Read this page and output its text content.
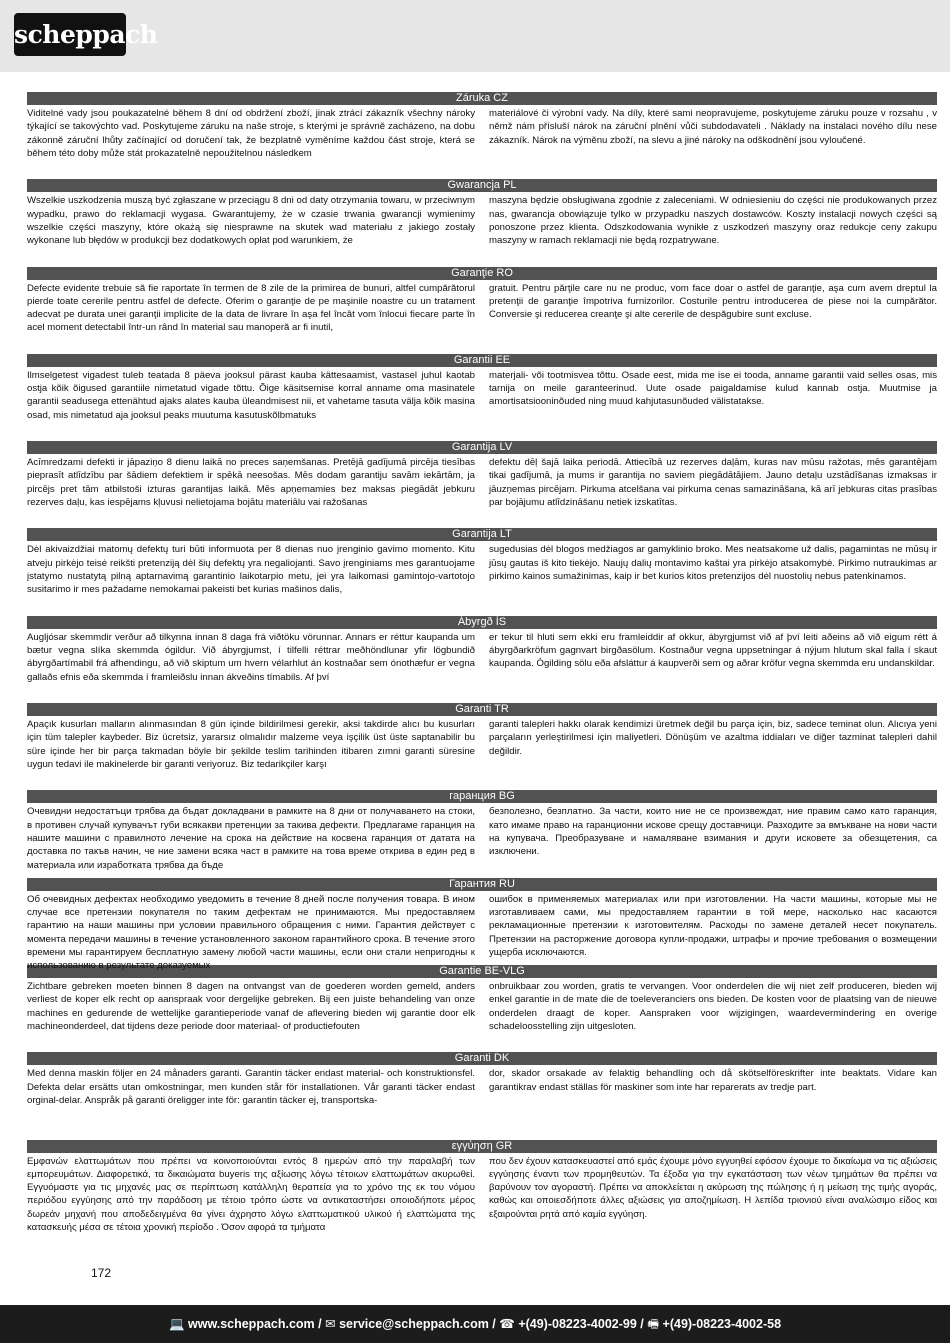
scheppach
Záruka CZ
Viditelné vady jsou poukazatelné během 8 dní od obdržení zboží, jinak ztrácí zákazník všechny nároky týkající se takovýchto vad. Poskytujeme záruku na naše stroje, s kterými je správně zacházeno, na dobu zákonně záruční lhůty začínající od doručení tak, že bezplatně vyměníme každou část stroje, která se během této doby může stát prokazatelně nepoužitelnou následkem
materiálové či výrobní vady. Na díly, které sami neopravujeme, poskytujeme záruku pouze v rozsahu , v němž nám přísluší nárok na záruční plnění vůči subdodavateli . Náklady na instalaci nového dílu nese zákazník. Nárok na výměnu zboží, na slevu a jiné nároky na odškodnění jsou vyloučené.
Gwarancja PL
Wszelkie uszkodzenia muszą być zgłaszane w przeciągu 8 dni od daty otrzymania towaru, w przeciwnym wypadku, prawo do reklamacji wygasa. Gwarantujemy, że w czasie trwania gwarancji wymienimy wszelkie części maszyny, które okażą się niesprawne na skutek wad materiału z jakiego zostały wykonane lub błędów w produkcji bez dodatkowych opłat pod warunkiem, że
maszyna będzie obsługiwana zgodnie z zaleceniami. W odniesieniu do części nie produkowanych przez nas, gwarancja obowiązuje tylko w przypadku naszych dostawców. Koszty instalacji nowych części są ponoszone przez klienta. Odszkodowania wynikłe z uszkodzeń maszyny oraz redukcje ceny zakupu maszyny w ramach reklamacji nie będą rozpatrywane.
Garanţie RO
Defecte evidente trebuie să fie raportate în termen de 8 zile de la primirea de bunuri, altfel cumpărătorul pierde toate cererile pentru astfel de defecte. Oferim o garanţie de pe maşinile noastre cu un tratament adecvat pe durata unei garanţii implicite de la data de livrare în aşa fel încât vom înlocui fiecare parte în acel moment detectabil într-un rând în material sau manoperă ar fi inutil,
gratuit. Pentru părţile care nu ne produc, vom face doar o astfel de garanţie, aşa cum avem dreptul la pretenţii de garanţie împotriva furnizorilor. Costurile pentru introducerea de piese noi la cumpărător. Conversie şi reducerea creanţe şi alte cererile de despăgubire sunt excluse.
Garantii EE
Ilmselgetest vigadest tuleb teatada 8 päeva jooksul pärast kauba kättesaamist, vastasel juhul kaotab ostja kõik õigused garantiile nimetatud vigade tõttu. Õige käsitsemise korral anname oma masinatele garantii seadusega ettenähtud ajaks alates kauba üleandmisest nii, et vahetame tasuta välja kõik masina osad, mis nimetatud aja jooksul peaks muutuma kasutuskõlbmatuks
materjali- või tootmisvea tõttu. Osade eest, mida me ise ei tooda, anname garantii vaid selles osas, mis tarnija on meile garanteerinud. Uute osade paigaldamise kulud kannab ostja. Muutmise ja amortisatsiooninõuded ning muud kahjutasunõuded välistatakse.
Garantija LV
Acīmredzami defekti ir jāpaziņo 8 dienu laikā no preces saņemšanas. Pretējā gadījumā pircēja tiesības pieprasīt atlīdzību par šādiem defektiem ir spēkā neesošas. Mēs dodam garantiju savām iekārtām, ja pircējs pret tām atbilstoši izturas garantijas laikā. Mēs apņemamies bez maksas piegādāt jebkuru rezerves daļu, kas iespējams kļuvusi nelietojama bojātu materiālu vai ražošanas
defektu dēļ šajā laika periodā. Attiecībā uz rezerves daļām, kuras nav mūsu ražotas, mēs garantējam tikai gadījumā, ja mums ir garantija no saviem piegādātājiem. Jauno detaļu uzstādīšanas izmaksas ir jāuzņemas pircējam. Pirkuma atcelšana vai pirkuma cenas samazināšana, kā arī jebkuras citas prasības par bojājumu atlīdzināšanu netiek izskatītas.
Garantija LT
Dėl akivaizdžiai matomų defektų turi būti informuota per 8 dienas nuo įrenginio gavimo momento. Kitu atveju pirkėjo teisė reikšti pretenziją dėl šių defektų yra negaliojanti. Savo įrenginiams mes garantuojame įstatymo nustatytą pilną aptarnavimą garantinio laikotarpio metu, jei yra laikomasi gamintojo-vartotojo susitarimo ir mes pažadame nemokamai pakeisti bet kurias mašinos dalis,
sugedusias dėl blogos medžiagos ar gamyklinio broko. Mes neatsakome už dalis, pagamintas ne mūsų ir jūsų gautas iš kito tiekėjo. Naujų dalių montavimo kaštai yra pirkėjo atsakomybė. Pirkimo nutraukimas ar pirkimo kainos sumažinimas, kaip ir bet kurios kitos pretenzijos dėl nuostolių nebus patenkinamos.
Ábyrgð ÍS
Augljósar skemmdir verður að tilkynna innan 8 daga frá viðtöku vörunnar. Annars er réttur kaupanda um bætur vegna slíka skemmda ógildur. Við ábyrgjumst, í tilfelli réttrar meðhöndlunar yfir lögbundið ábyrgðartímabil frá afhendingu, að við skiptum um hvern vélarhlut án kostnaðar sem ónothæfur er vegna gallaðs efnis eða skemmda í framleiðslu innan ákveðins tímabils. Af því
er tekur til hluti sem ekki eru framleiddir af okkur, ábyrgjumst við af því leiti aðeins að við eigum rétt á ábyrgðarkröfum gagnvart birgðasölum. Kostnaður vegna uppsetningar á nýjum hlutum skal falla í skaut kaupanda. Ógilding sölu eða afsláttur á kaupverði sem og aðrar kröfur vegna skemmda eru undanskildar.
Garanti TR
Apaçık kusurları malların alınmasından 8 gün içinde bildirilmesi gerekir, aksi takdirde alıcı bu kusurları için tüm talepler kaybeder. Biz ücretsiz, yararsız olmalıdır malzeme veya işçilik üst üste saptanabilir bu süre içinde her bir parça takmadan böyle bir şekilde teslim tarihinden itibaren zımni garanti süresine uygun tedavi ile makinelerde bir garanti veriyoruz. Biz tedarikçiler karşı
garanti talepleri hakkı olarak kendimizi üretmek değil bu parça için, biz, sadece teminat olun. Alıcıya yeni parçaların yerleştirilmesi için maliyetleri. Dönüşüm ve azaltma iddiaları ve diğer tazminat talepleri dahil değildir.
гаранция BG
Очевидни недостатъци трябва да бъдат докладвани в рамките на 8 дни от получаването на стоки, в противен случай купувачът губи всякакви претенции за такива дефекти. Предлагаме гаранция на нашите машини с правилното лечение на срока на действие на косвена гаранция от датата на доставка по такъв начин, че ние замени всяка част в рамките на това време открива в един ред в материала или изработката трябва да бъде
безполезно, безплатно. За части, които ние не се произвеждат, ние правим само като гаранция, като имаме право на гаранционни искове срещу доставчици. Разходите за вмъкване на нови части на купувача. Преобразуване и намаляване взимания и други исковете за обезщетения, са изключени.
Гарантия RU
Об очевидных дефектах необходимо уведомить в течение 8 дней после получения товара. В ином случае все претензии покупателя по таким дефектам не принимаются. Мы предоставляем гарантию на наши машины при условии правильного обращения с ними. Гарантия действует с момента передачи машины в течение установленного законом гарантийного срока. В течение этого времени мы гарантируем бесплатную замену любой части машины, если они стали непригодны к использованию в результате доказуемых
ошибок в применяемых материалах или при изготовлении. На части машины, которые мы не изготавливаем сами, мы предоставляем гарантии в той мере, насколько нас касаются рекламационные претензии к изготовителям. Расходы по замене деталей несет покупатель. Претензии на расторжение договора купли-продажи, штрафы и прочие требования о возмещении ущерба исключаются.
Garantie BE-VLG
Zichtbare gebreken moeten binnen 8 dagen na ontvangst van de goederen worden gemeld, anders verliest de koper elk recht op aanspraak voor dergelijke gebreken. Bij een juiste behandeling van onze machines en gedurende de wettelijke garantieperiode vanaf de aflevering bieden wij garantie door elk machineonderdeel, dat tijdens deze periode door materiaal- of productiefouten
onbruikbaar zou worden, gratis te vervangen. Voor onderdelen die wij niet zelf produceren, bieden wij enkel garantie in de mate die de toeleveranciers ons bieden. De kosten voor de plaatsing van de nieuwe onderdelen draagt de koper. Aanspraken voor wijzigingen, waardevermindering en overige schadeloosstelling zijn uitgesloten.
Garanti DK
Med denna maskin följer en 24 månaders garanti. Garantin täcker endast material- och konstruktionsfel. Defekta delar ersätts utan omkostningar, men kunden står för installationen. Vår garanti täcker endast orginal-delar. Anspråk på garanti öreligger inte för: garantin täcker ej, transportska-
dor, skador orsakade av felaktig behandling och då skötselföreskrifter inte beaktats. Vidare kan garantikrav endast ställas för maskiner som inte har reparerats av tredje part.
εγγύηση GR
Εμφανών ελαττωμάτων που πρέπει να κοινοποιούνται εντός 8 ημερών από την παραλαβή των εμπορευμάτων. Διαφορετικά, τα δικαιώματα buyeris της αξίωσης λόγω τέτοιων ελαττωμάτων ακυρωθεί. Εγγυόμαστε για τις μηχανές μας σε περίπτωση κατάλληλη θεραπεία για το χρόνο της εκ του νόμου περιόδου εγγύησης από την παράδοση με τέτοιο τρόπο ώστε να αντικαταστήσει οποιοδήποτε μέρος δωρεάν μηχανή που αποδεδειγμένα θα γίνει άχρηστο λόγω ελαττωματικού υλικού ή ελαττώματα της κατασκευής μέσα σε τέτοια χρονική περίοδο . Όσον αφορά τα τμήματα
που δεν έχουν κατασκευαστεί από εμάς έχουμε μόνο εγγυηθεί εφόσον έχουμε το δικαίωμα να τις αξιώσεις εγγύησης έναντι των προμηθευτών. Τα έξοδα για την εγκατάσταση των νέων τμημάτων θα πρέπει να βαρύνουν τον αγοραστή. Πρέπει να αποκλείεται η ακύρωση της πώλησης ή η μείωση της τιμής αγοράς, καθώς και οποιεσδήποτε άλλες αξιώσεις για αποζημίωση. Η λεπίδα τριονιού είναι αναλώσιμο είδος και εξαιρούνται ρητά από καμία εγγύηση.
172
💻 www.scheppach.com / ✉ service@scheppach.com / ☎ +(49)-08223-4002-99 / 🖷 +(49)-08223-4002-58
